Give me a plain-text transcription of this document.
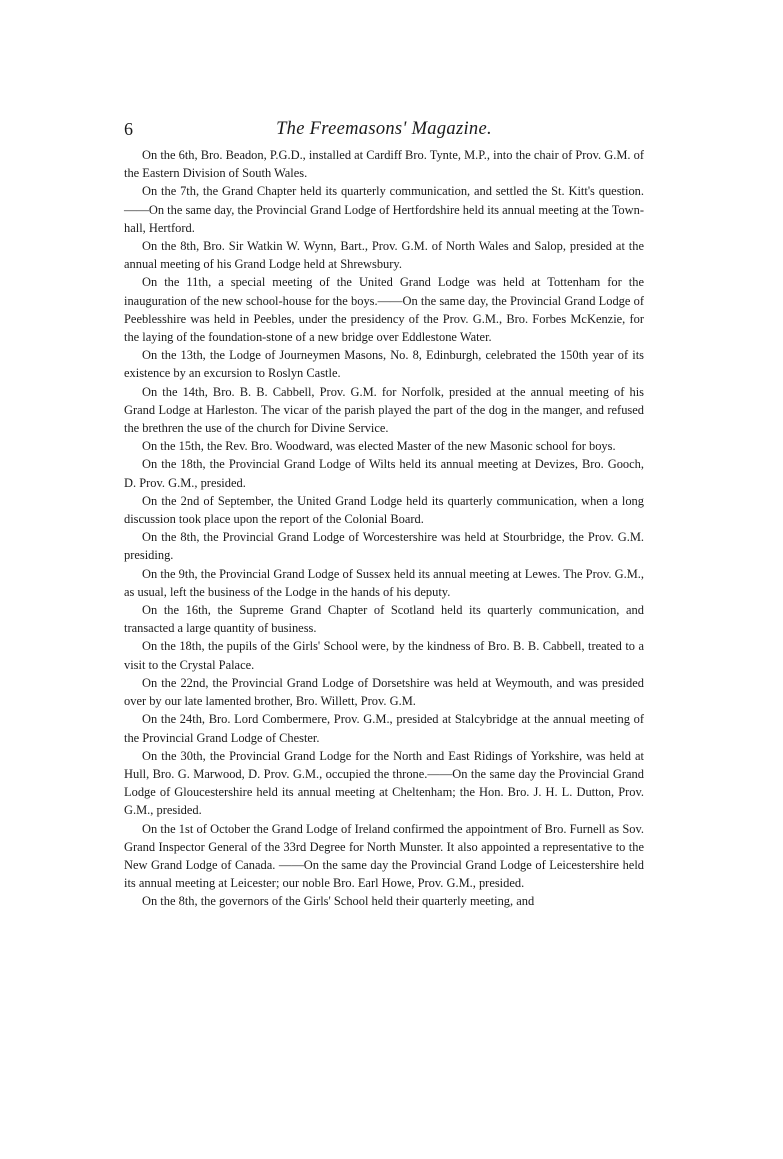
6	The Freemasons' Magazine.

On the 6th, Bro. Beadon, P.G.D., installed at Cardiff Bro. Tynte, M.P., into the chair of Prov. G.M. of the Eastern Division of South Wales.

On the 7th, the Grand Chapter held its quarterly communication, and settled the St. Kitt's question.——On the same day, the Provincial Grand Lodge of Hertfordshire held its annual meeting at the Town-hall, Hertford.

On the 8th, Bro. Sir Watkin W. Wynn, Bart., Prov. G.M. of North Wales and Salop, presided at the annual meeting of his Grand Lodge held at Shrewsbury.

On the 11th, a special meeting of the United Grand Lodge was held at Tottenham for the inauguration of the new school-house for the boys.——On the same day, the Provincial Grand Lodge of Peeblesshire was held in Peebles, under the presidency of the Prov. G.M., Bro. Forbes McKenzie, for the laying of the foundation-stone of a new bridge over Eddlestone Water.

On the 13th, the Lodge of Journeymen Masons, No. 8, Edinburgh, celebrated the 150th year of its existence by an excursion to Roslyn Castle.

On the 14th, Bro. B. B. Cabbell, Prov. G.M. for Norfolk, presided at the annual meeting of his Grand Lodge at Harleston. The vicar of the parish played the part of the dog in the manger, and refused the brethren the use of the church for Divine Service.

On the 15th, the Rev. Bro. Woodward, was elected Master of the new Masonic school for boys.

On the 18th, the Provincial Grand Lodge of Wilts held its annual meeting at Devizes, Bro. Gooch, D. Prov. G.M., presided.

On the 2nd of September, the United Grand Lodge held its quarterly communication, when a long discussion took place upon the report of the Colonial Board.

On the 8th, the Provincial Grand Lodge of Worcestershire was held at Stourbridge, the Prov. G.M. presiding.

On the 9th, the Provincial Grand Lodge of Sussex held its annual meeting at Lewes. The Prov. G.M., as usual, left the business of the Lodge in the hands of his deputy.

On the 16th, the Supreme Grand Chapter of Scotland held its quarterly communication, and transacted a large quantity of business.

On the 18th, the pupils of the Girls' School were, by the kindness of Bro. B. B. Cabbell, treated to a visit to the Crystal Palace.

On the 22nd, the Provincial Grand Lodge of Dorsetshire was held at Weymouth, and was presided over by our late lamented brother, Bro. Willett, Prov. G.M.

On the 24th, Bro. Lord Combermere, Prov. G.M., presided at Stalcybridge at the annual meeting of the Provincial Grand Lodge of Chester.

On the 30th, the Provincial Grand Lodge for the North and East Ridings of Yorkshire, was held at Hull, Bro. G. Marwood, D. Prov. G.M., occupied the throne.——On the same day the Provincial Grand Lodge of Gloucestershire held its annual meeting at Cheltenham; the Hon. Bro. J. H. L. Dutton, Prov. G.M., presided.

On the 1st of October the Grand Lodge of Ireland confirmed the appointment of Bro. Furnell as Sov. Grand Inspector General of the 33rd Degree for North Munster. It also appointed a representative to the New Grand Lodge of Canada. ——On the same day the Provincial Grand Lodge of Leicestershire held its annual meeting at Leicester; our noble Bro. Earl Howe, Prov. G.M., presided.

On the 8th, the governors of the Girls' School held their quarterly meeting, and
